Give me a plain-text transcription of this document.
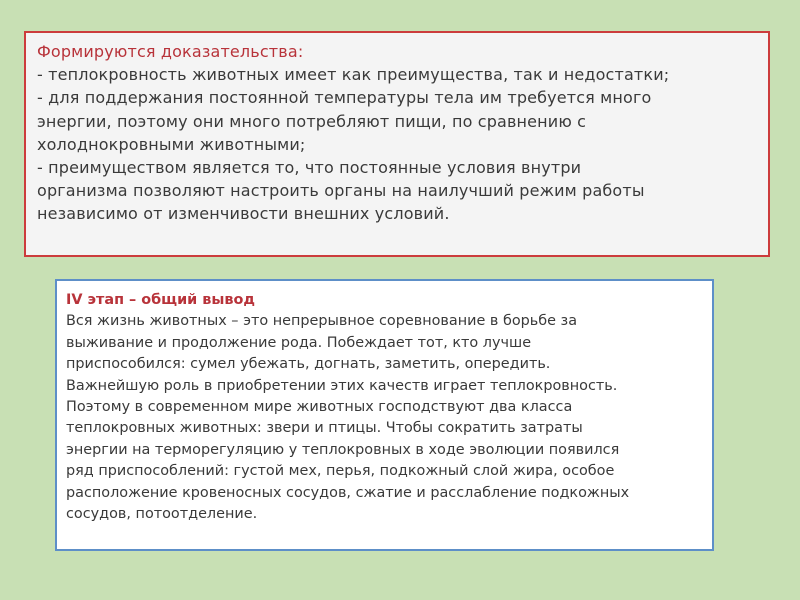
Формируются доказательства:
- теплокровность животных имеет как преимущества, так и недостатки;
- для поддержания постоянной температуры тела им требуется много
энергии, поэтому они много потребляют пищи, по сравнению с
холоднокровными животными;
- преимуществом является то, что постоянные условия внутри
организма позволяют настроить органы на наилучший режим работы
независимо от изменчивости внешних условий.
IV этап – общий вывод
Вся жизнь животных – это непрерывное соревнование в борьбе за
выживание и продолжение рода. Побеждает тот, кто лучше
приспособился: сумел убежать, догнать, заметить, опередить.
Важнейшую роль в приобретении этих качеств играет теплокровность.
Поэтому в современном мире животных господствуют два класса
теплокровных животных: звери и птицы. Чтобы сократить затраты
энергии на терморегуляцию у теплокровных в ходе эволюции появился
ряд приспособлений: густой мех, перья, подкожный слой жира, особое
расположение кровеносных сосудов, сжатие и расслабление подкожных
сосудов, потоотделение.
